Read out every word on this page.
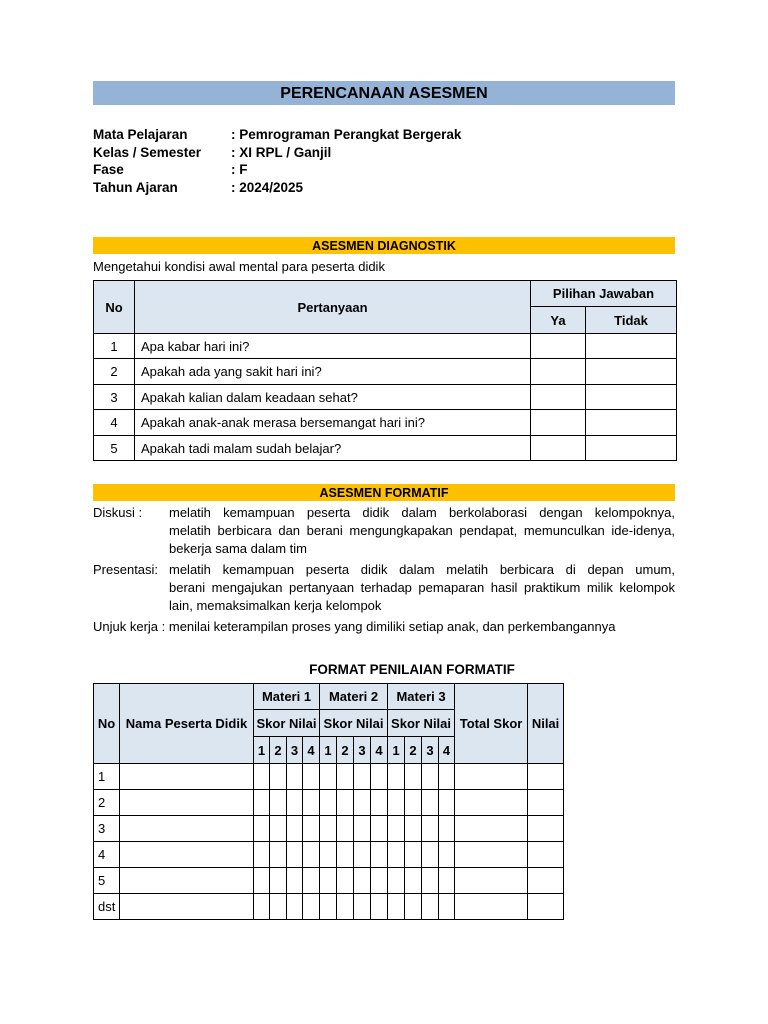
PERENCANAAN ASESMEN
Mata Pelajaran	: Pemrograman Perangkat Bergerak
Kelas / Semester : XI RPL / Ganjil
Fase	: F
Tahun Ajaran	: 2024/2025
ASESMEN DIAGNOSTIK
Mengetahui kondisi awal mental para peserta didik
No	Pertanyaan	Pilihan Jawaban	
		Ya	Tidak
1	Apa kabar hari ini?		
2	Apakah ada yang sakit hari ini?		
3	Apakah kalian dalam keadaan sehat?		
4	Apakah anak-anak merasa bersemangat hari ini?		
5	Apakah tadi malam sudah belajar?		
ASESMEN FORMATIF
Diskusi :	melatih kemampuan peserta didik dalam berkolaborasi dengan kelompoknya,
melatih berbicara dan berani mengungkapakan pendapat, memunculkan ide-idenya, bekerja sama dalam tim
Presentasi: melatih kemampuan peserta didik dalam melatih berbicara di depan umum,
berani mengajukan pertanyaan terhadap pemaparan hasil praktikum milik kelompok lain, memaksimalkan kerja kelompok
Unjuk kerja : menilai keterampilan proses yang dimiliki setiap anak, dan perkembangannya
FORMAT PENILAIAN FORMATIF
No	Nama Peserta Didik	Materi 1				Materi 2				Materi 3				Total Skor	Nilai
		Skor Nilai				Skor Nilai				Skor Nilai					
		1	2	3	4	1	2	3	4	1	2	3	4		
1															
2															
3															
4															
5															
dst															
